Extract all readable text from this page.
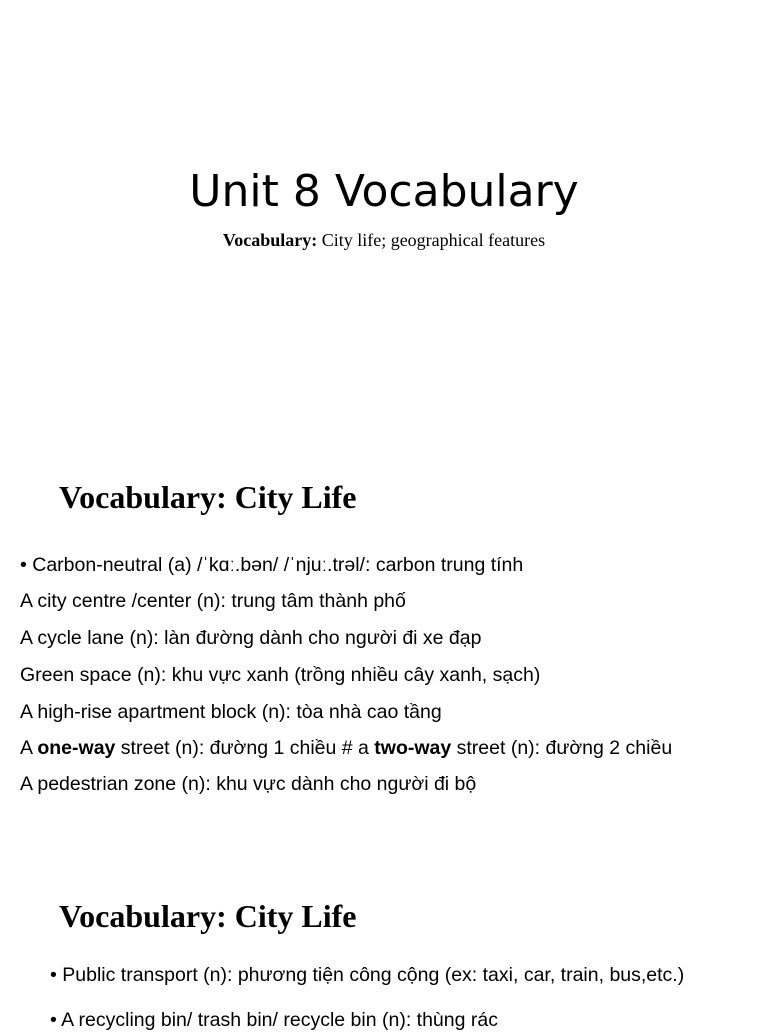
Unit 8 Vocabulary
Vocabulary: City life; geographical features
Vocabulary: City Life
• Carbon-neutral (a) /ˈkɑː.bən/ /ˈnjuː.trəl/: carbon trung tính
A city centre /center (n): trung tâm thành phố
A cycle lane (n): làn đường dành cho người đi xe đạp
Green space (n): khu vực xanh (trồng nhiều cây xanh, sạch)
A high-rise apartment block (n): tòa nhà cao tầng
A one-way street (n): đường 1 chiều # a two-way street (n): đường 2 chiều
A pedestrian zone (n): khu vực dành cho người đi bộ
Vocabulary: City Life
• Public transport (n): phương tiện công cộng (ex: taxi, car, train, bus,etc.)
• A recycling bin/ trash bin/ recycle bin (n): thùng rác
